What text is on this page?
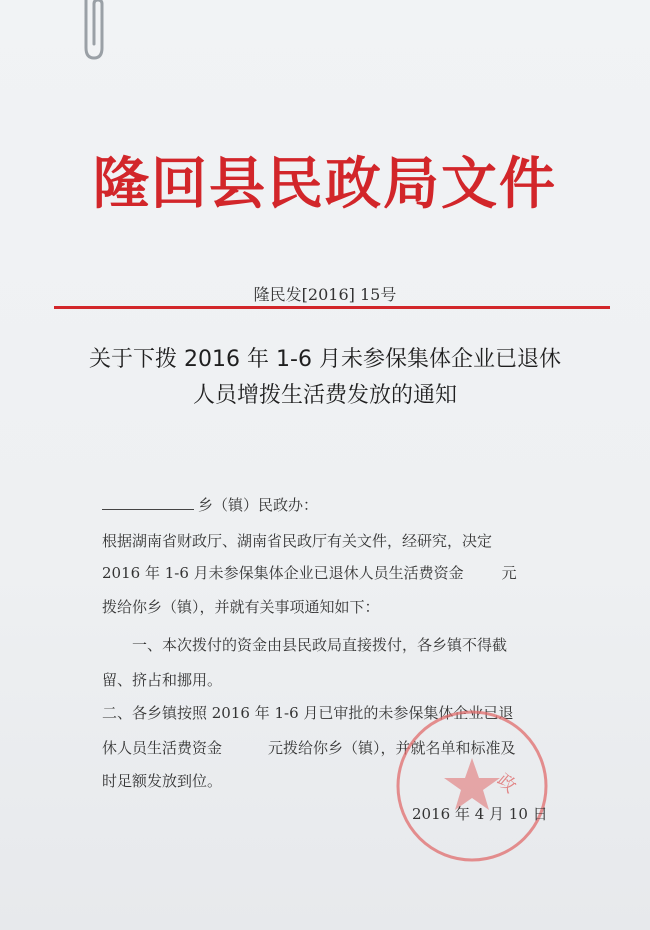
隆回县民政局文件
隆民发[2016] 15号
关于下拨 2016 年 1-6 月未参保集体企业已退休
人员增拨生活费发放的通知
乡（镇）民政办：
根据湖南省财政厅、湖南省民政厅有关文件，经研究，决定
2016 年 1-6 月未参保集体企业已退休人员生活费资金	元
拨给你乡（镇），并就有关事项通知如下：
一、本次拨付的资金由县民政局直接拨付，各乡镇不得截
留、挤占和挪用。
二、各乡镇按照 2016 年 1-6 月已审批的未参保集体企业已退
休人员生活费资金	元拨给你乡（镇），并就名单和标准及
时足额发放到位。	政
2016 年 4 月 10 日
